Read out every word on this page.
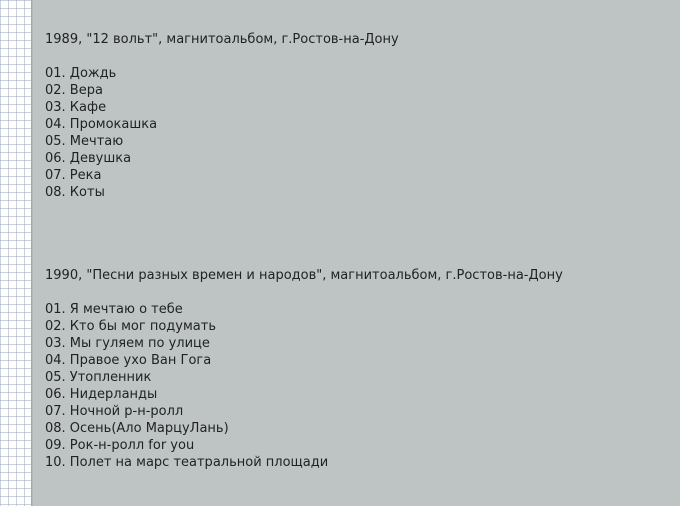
1989, "12 вольт", магнитоальбом, г.Ростов-на-Дону

01. Дождь
02. Вера
03. Кафе
04. Промокашка
05. Мечтаю
06. Девушка
07. Река
08. Коты

1990, "Песни разных времен и народов", магнитоальбом, г.Ростов-на-Дону

01. Я мечтаю о тебе
02. Кто бы мог подумать
03. Мы гуляем по улице
04. Правое ухо Ван Гога
05. Утопленник
06. Нидерланды
07. Ночной р-н-ролл
08. Осень(Ало МарцуЛань)
09. Рок-н-ролл for you
10. Полет на марс театральной площади
